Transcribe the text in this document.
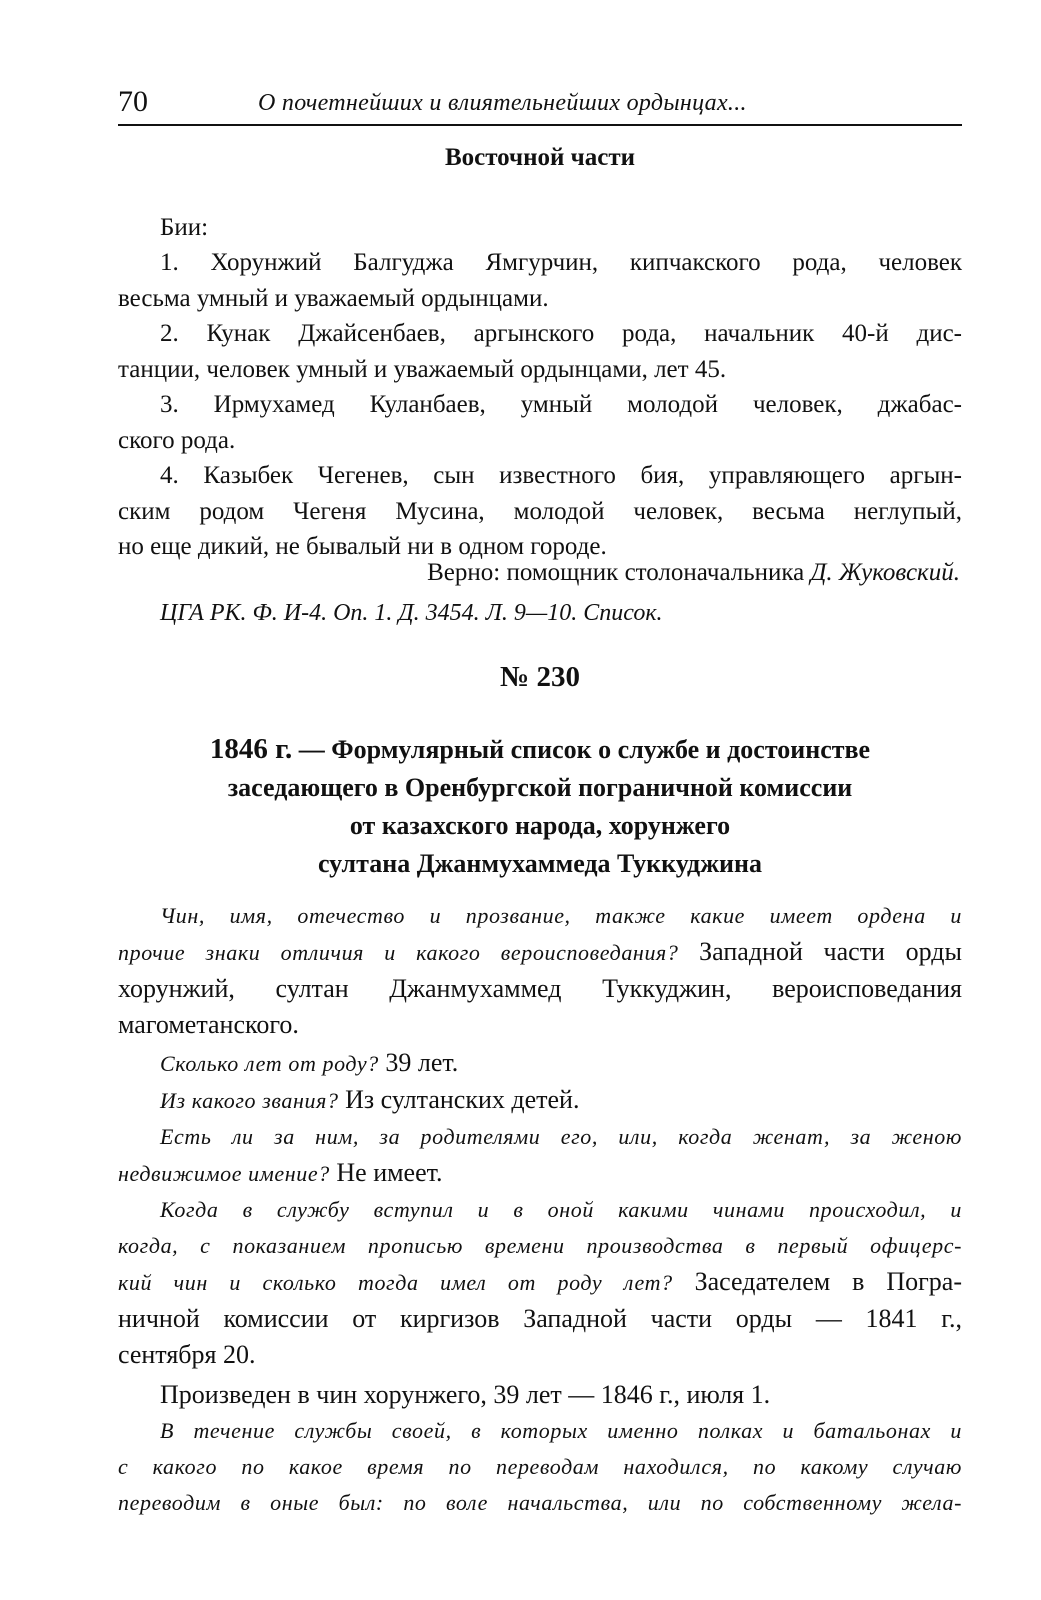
70	О почетнейших и влиятельнейших ордынцах...
Восточной части
Бии:
1. Хорунжий Балгуджа Ямгурчин, кипчакского рода, человек
весьма умный и уважаемый ордынцами.
2. Кунак Джайсенбаев, аргынского рода, начальник 40-й дис-
танции, человек умный и уважаемый ордынцами, лет 45.
3. Ирмухамед Куланбаев, умный молодой человек, джабас-
ского рода.
4. Казыбек Чегенев, сын известного бия, управляющего аргын-
ским родом Чегеня Мусина, молодой человек, весьма неглупый,
но еще дикий, не бывалый ни в одном городе.
Верно: помощник столоначальника Д. Жуковский.
ЦГА РК. Ф. И-4. Оп. 1. Д. 3454. Л. 9—10. Список.
№ 230
1846 г. — Формулярный список о службе и достоинстве
заседающего в Оренбургской пограничной комиссии
от казахского народа, хорунжего
султана Джанмухаммеда Туккуджина
Чин, имя, отечество и прозвание, также какие имеет ордена и
прочие знаки отличия и какого вероисповедания? Западной части орды
хорунжий, султан Джанмухаммед Туккуджин, вероисповедания
магометанского.
Сколько лет от роду? 39 лет.
Из какого звания? Из султанских детей.
Есть ли за ним, за родителями его, или, когда женат, за женою
недвижимое имение? Не имеет.
Когда в службу вступил и в оной какими чинами происходил, и
когда, с показанием прописью времени производства в первый офицерс-
кий чин и сколько тогда имел от роду лет? Заседателем в Погра-
ничной комиссии от киргизов Западной части орды — 1841 г.,
сентября 20.
Произведен в чин хорунжего, 39 лет — 1846 г., июля 1.
В течение службы своей, в которых именно полках и батальонах и
с какого по какое время по переводам находился, по какому случаю
переводим в оные был: по воле начальства, или по собственному жела-
